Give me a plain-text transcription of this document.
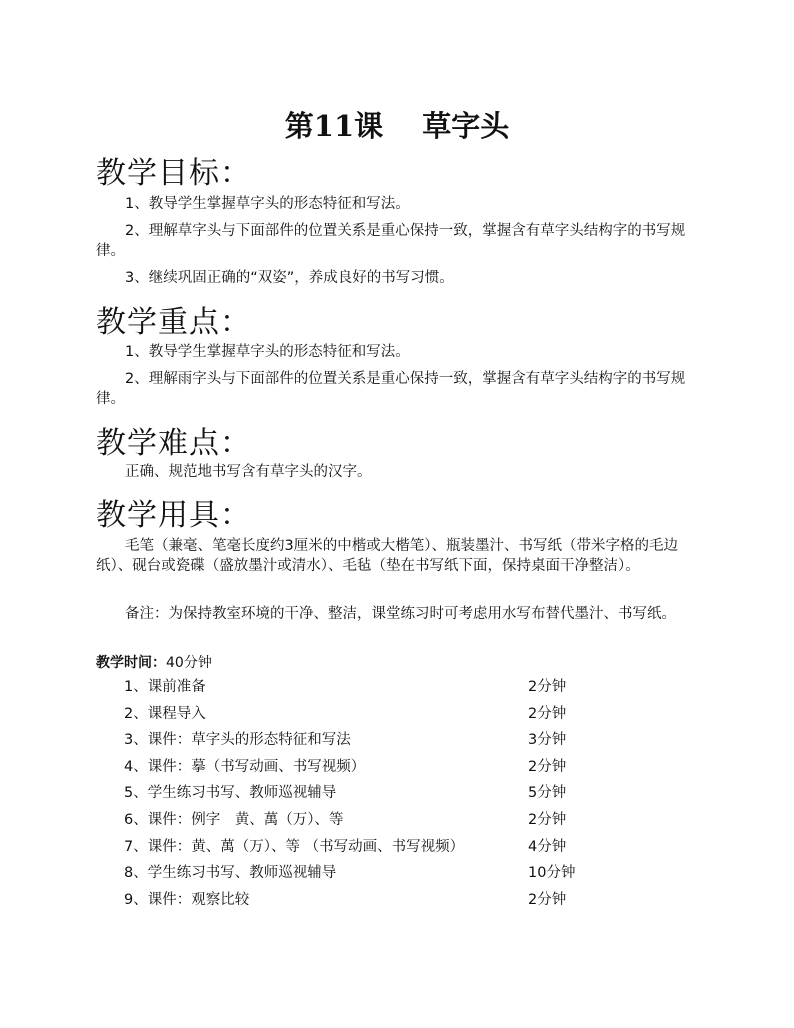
第11课　 草字头
教学目标：
1、教导学生掌握草字头的形态特征和写法。
2、理解草字头与下面部件的位置关系是重心保持一致，掌握含有草字头结构字的书写规律。
3、继续巩固正确的“双姿”，养成良好的书写习惯。
教学重点：
1、教导学生掌握草字头的形态特征和写法。
2、理解雨字头与下面部件的位置关系是重心保持一致，掌握含有草字头结构字的书写规律。
教学难点：
正确、规范地书写含有草字头的汉字。
教学用具：
毛笔（兼毫、笔毫长度约3厘米的中楷或大楷笔）、瓶装墨汁、书写纸（带米字格的毛边纸）、砚台或瓷碟（盛放墨汁或清水）、毛毡（垫在书写纸下面，保持桌面干净整洁）。
备注：为保持教室环境的干净、整洁，课堂练习时可考虑用水写布替代墨汁、书写纸。
教学时间：40分钟
1、课前准备	2分钟
2、课程导入	2分钟
3、课件：草字头的形态特征和写法	3分钟
4、课件：摹（书写动画、书写视频）	2分钟
5、学生练习书写、教师巡视辅导	5分钟
6、课件：例字　黄、萬（万）、等	2分钟
7、课件：黄、萬（万）、等 （书写动画、书写视频）	4分钟
8、学生练习书写、教师巡视辅导	10分钟
9、课件：观察比较	2分钟
